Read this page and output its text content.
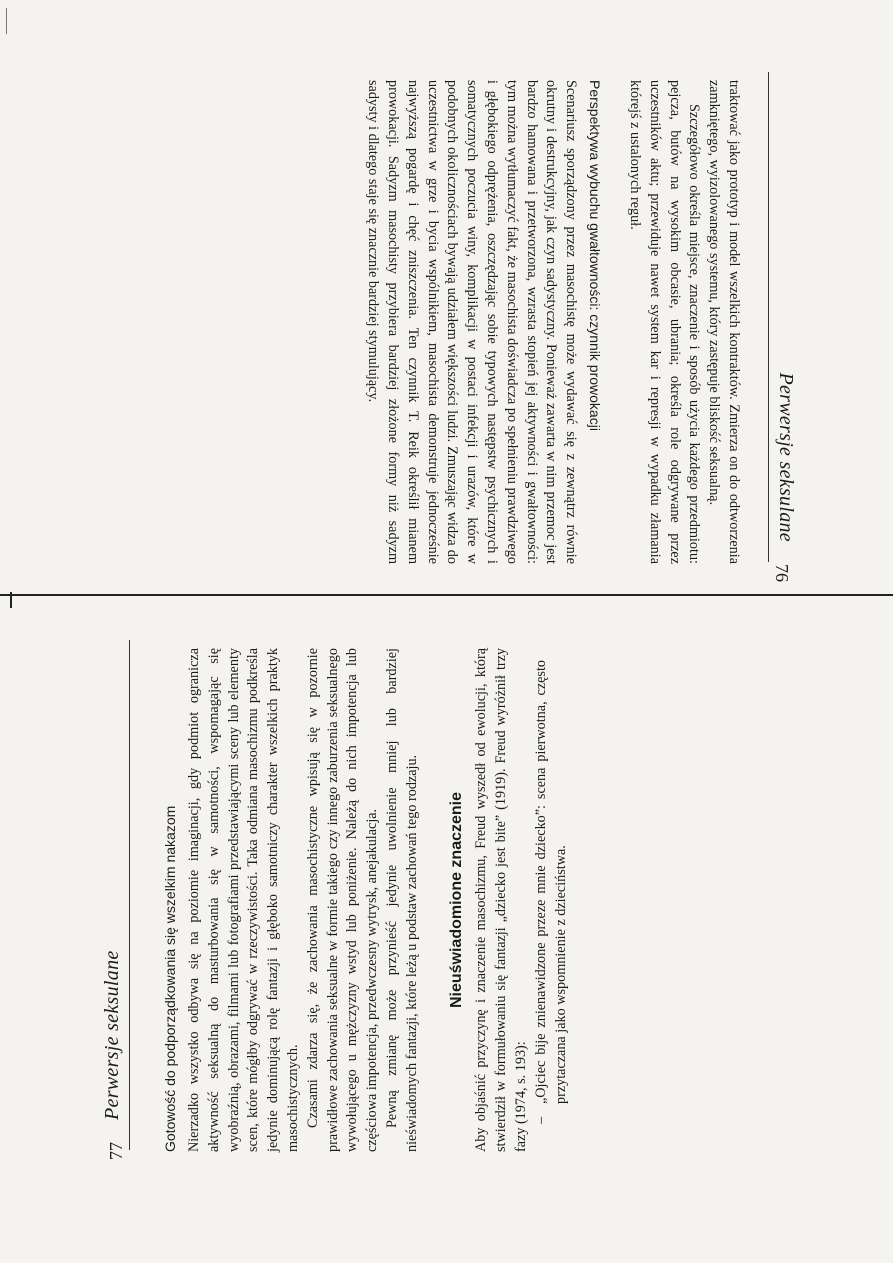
Perwersje seksulane
76

traktować jako prototyp i model wszelkich kontraktów. Zmierza on do odtworzenia zamkniętego, wyizolowanego systemu, który zastępuje bliskość seksualną.

Szczegółowo określa miejsce, znaczenie i sposób użycia każdego przedmiotu: pejcza, butów na wysokim obcasie, ubrania; określa role odgrywane przez uczestników aktu; przewiduje nawet system kar i represji w wypadku złamania którejś z ustalonych reguł.

Perspektywa wybuchu gwałtowności: czynnik prowokacji

Scenariusz sporządzony przez masochistę może wydawać się z zewnątrz równie okrutny i destrukcyjny, jak czyn sadystyczny. Ponieważ zawarta w nim przemoc jest bardzo hamowana i przetworzona, wzrasta stopień jej aktywności i gwałtowności: tym można wytłumaczyć fakt, że masochista doświadcza po spełnieniu prawdziwego i głębokiego odprężenia, oszczędzając sobie typowych następstw psychicznych i somatycznych poczucia winy, komplikacji w postaci infekcji i urazów, które w podobnych okolicznościach bywają udziałem większości ludzi. Zmuszając widza do uczestnictwa w grze i bycia wspólnikiem, masochista demonstruje jednocześnie najwyższą pogardę i chęć zniszczenia. Ten czynnik T. Reik określił mianem prowokacji. Sadyzm masochisty przybiera bardziej złożone formy niż sadyzm sadysty i dlatego staje się znacznie bardziej stymulujący.

77
Perwersje seksulane	Gotowość do podporządkowania się wszelkim nakazom Nierzadko wszystko odbywa się na poziomie imaginacji, gdy podmiot ogranicza aktywność seksualną do masturbowania się w samotności, wspomagając się wyobraźnią, obrazami, filmami lub fotografiami przedstawiającymi sceny lub elementy scen, które mógłby odgrywać w rzeczywistości. Taka odmiana masochizmu podkreśla jedynie dominującą rolę fantazji i głęboko samotniczy charakter wszelkich praktyk masochistycznych. Czasami zdarza się, że zachowania masochistyczne wpisują się w pozornie prawidłowe zachowania seksualne w formie takiego czy innego zaburzenia seksualnego wywołującego u mężczyzny wstyd lub poniżenie. Należą do nich impotencja lub częściowa impotencja, przedwczesny wytrysk, anejakulacja. Pewną zmianę może przynieść jedynie uwolnienie mniej lub bardziej nieświadomych fantazji, które leżą u podstaw zachowań tego rodzaju. Nieuświadomione znaczenie Aby objaśnić przyczynę i znaczenie masochizmu, Freud wyszedł od ewolucji, którą stwierdził w formułowaniu się fantazji „dziecko jest bite” (1919). Freud wyróżnił trzy fazy (1974, s. 193): –

„Ojciec bije znienawidzone przeze mnie dziecko”: scena pierwotna, często przytaczana jako wspomnienie z dzieciństwa.
